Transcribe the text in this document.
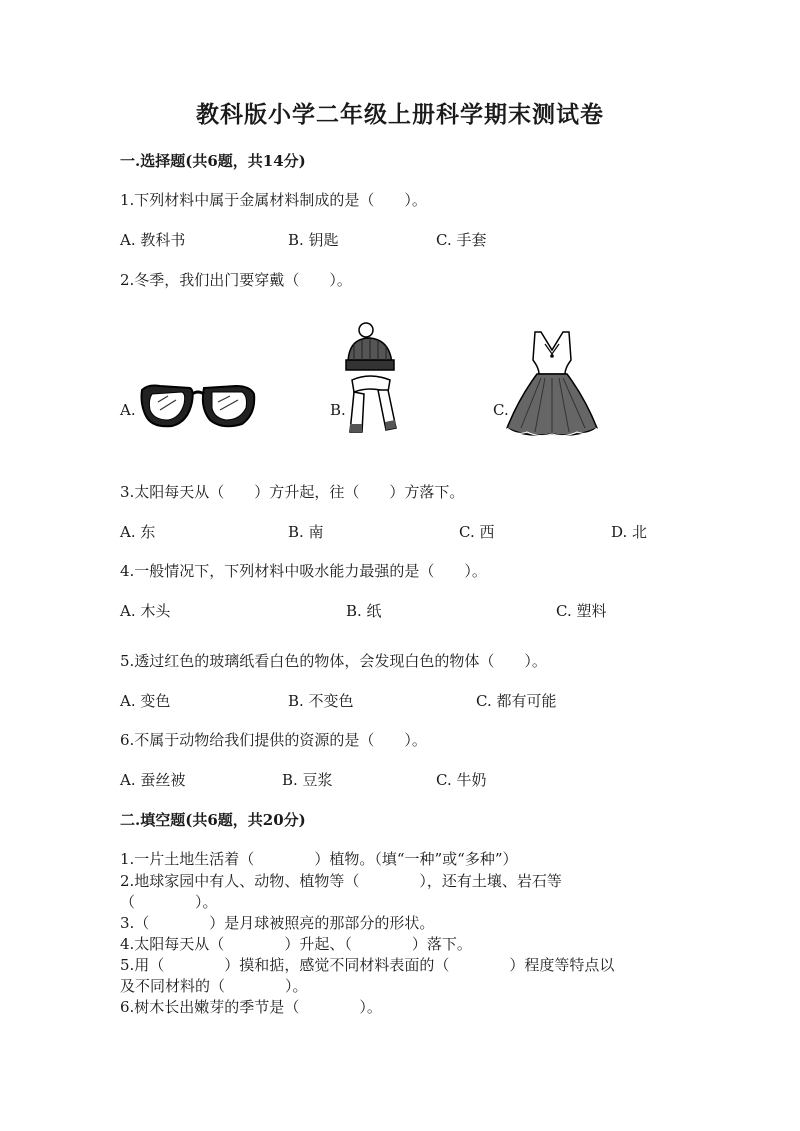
教科版小学二年级上册科学期末测试卷
一.选择题(共6题，共14分)
1.下列材料中属于金属材料制成的是（　　）。
A. 教科书	B. 钥匙	C. 手套
2.冬季，我们出门要穿戴（　　）。
A.	B.	C.
3.太阳每天从（　　）方升起，往（　　）方落下。
A. 东	B. 南	C. 西	D. 北
4.一般情况下，下列材料中吸水能力最强的是（　　）。
A. 木头	B. 纸	C. 塑料
5.透过红色的玻璃纸看白色的物体，会发现白色的物体（　　）。
A. 变色	B. 不变色	C. 都有可能
6.不属于动物给我们提供的资源的是（　　）。
A. 蚕丝被	B. 豆浆	C. 牛奶
二.填空题(共6题，共20分)
1.一片土地生活着（　　　　）植物。（填“一种”或“多种”）
2.地球家园中有人、动物、植物等（　　　　），还有土壤、岩石等
（　　　　）。
3.（　　　　）是月球被照亮的那部分的形状。
4.太阳每天从（　　　　）升起、（　　　　）落下。
5.用（　　　　）摸和掂，感觉不同材料表面的（　　　　）程度等特点以
及不同材料的（　　　　）。
6.树木长出嫩芽的季节是（　　　　）。
